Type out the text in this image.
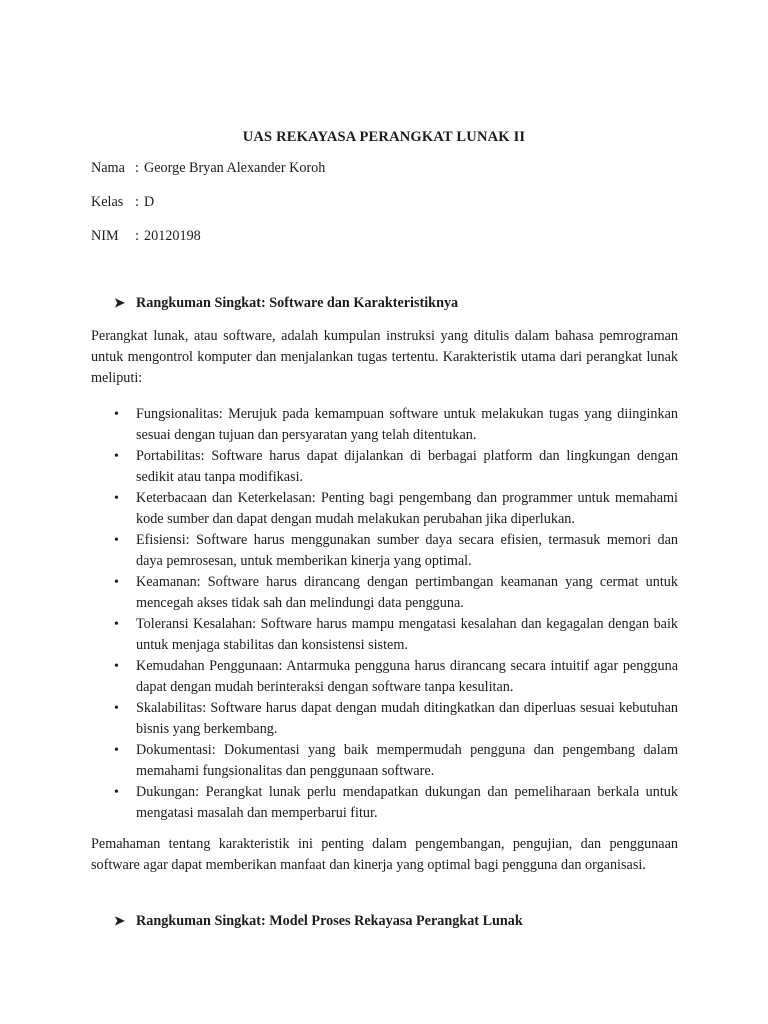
UAS REKAYASA PERANGKAT LUNAK II
Nama : George Bryan Alexander Koroh
Kelas : D
NIM : 20120198
➤ Rangkuman Singkat: Software dan Karakteristiknya
Perangkat lunak, atau software, adalah kumpulan instruksi yang ditulis dalam bahasa pemrograman untuk mengontrol komputer dan menjalankan tugas tertentu. Karakteristik utama dari perangkat lunak meliputi:
• Fungsionalitas: Merujuk pada kemampuan software untuk melakukan tugas yang diinginkan sesuai dengan tujuan dan persyaratan yang telah ditentukan.
• Portabilitas: Software harus dapat dijalankan di berbagai platform dan lingkungan dengan sedikit atau tanpa modifikasi.
• Keterbacaan dan Keterkelasan: Penting bagi pengembang dan programmer untuk memahami kode sumber dan dapat dengan mudah melakukan perubahan jika diperlukan.
• Efisiensi: Software harus menggunakan sumber daya secara efisien, termasuk memori dan daya pemrosesan, untuk memberikan kinerja yang optimal.
• Keamanan: Software harus dirancang dengan pertimbangan keamanan yang cermat untuk mencegah akses tidak sah dan melindungi data pengguna.
• Toleransi Kesalahan: Software harus mampu mengatasi kesalahan dan kegagalan dengan baik untuk menjaga stabilitas dan konsistensi sistem.
• Kemudahan Penggunaan: Antarmuka pengguna harus dirancang secara intuitif agar pengguna dapat dengan mudah berinteraksi dengan software tanpa kesulitan.
• Skalabilitas: Software harus dapat dengan mudah ditingkatkan dan diperluas sesuai kebutuhan bisnis yang berkembang.
• Dokumentasi: Dokumentasi yang baik mempermudah pengguna dan pengembang dalam memahami fungsionalitas dan penggunaan software.
• Dukungan: Perangkat lunak perlu mendapatkan dukungan dan pemeliharaan berkala untuk mengatasi masalah dan memperbarui fitur.
Pemahaman tentang karakteristik ini penting dalam pengembangan, pengujian, dan penggunaan software agar dapat memberikan manfaat dan kinerja yang optimal bagi pengguna dan organisasi.
➤ Rangkuman Singkat: Model Proses Rekayasa Perangkat Lunak
